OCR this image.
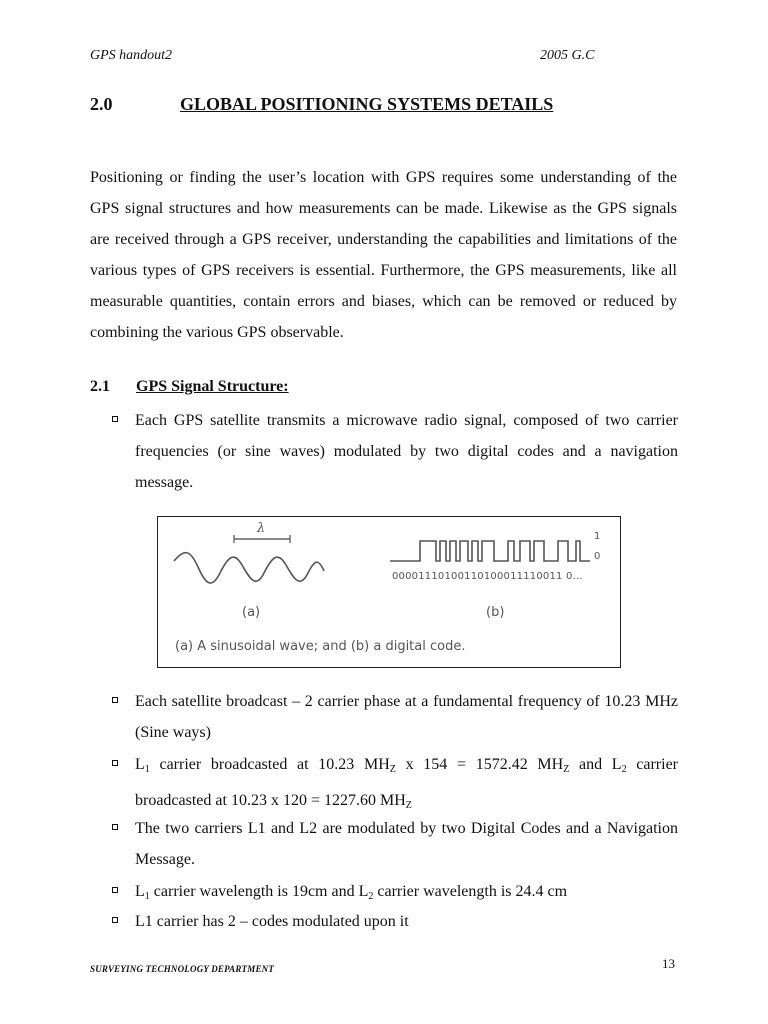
GPS handout2	2005 G.C
2.0	GLOBAL POSITIONING SYSTEMS DETAILS

Positioning or finding the user’s location with GPS requires some understanding of the GPS signal structures and how measurements can be made. Likewise as the GPS signals are received through a GPS receiver, understanding the capabilities and limitations of the various types of GPS receivers is essential. Furthermore, the GPS measurements, like all measurable quantities, contain errors and biases, which can be removed or reduced by combining the various GPS observable.

2.1 GPS Signal Structure:
Each GPS satellite transmits a microwave radio signal, composed of two carrier frequencies (or sine waves) modulated by two digital codes and a navigation message.
λ
1
0
00001110100110100011110011 0...
(a)	(b)
(a) A sinusoidal wave; and (b) a digital code.
Each satellite broadcast – 2 carrier phase at a fundamental frequency of 10.23 MHz (Sine ways)
$L_1$ carrier broadcasted at 10.23 $MH_Z$ x 154 = 1572.42 $MH_Z$ and $L_2$ carrier broadcasted at 10.23 x 120 = 1227.60 $MH_Z$
The two carriers L1 and L2 are modulated by two Digital Codes and a Navigation Message.
$L_1$ carrier wavelength is 19cm and $L_2$ carrier wavelength is 24.4 cm
L1 carrier has 2 – codes modulated upon it
SURVEYING TECHNOLOGY DEPARTMENT	13
